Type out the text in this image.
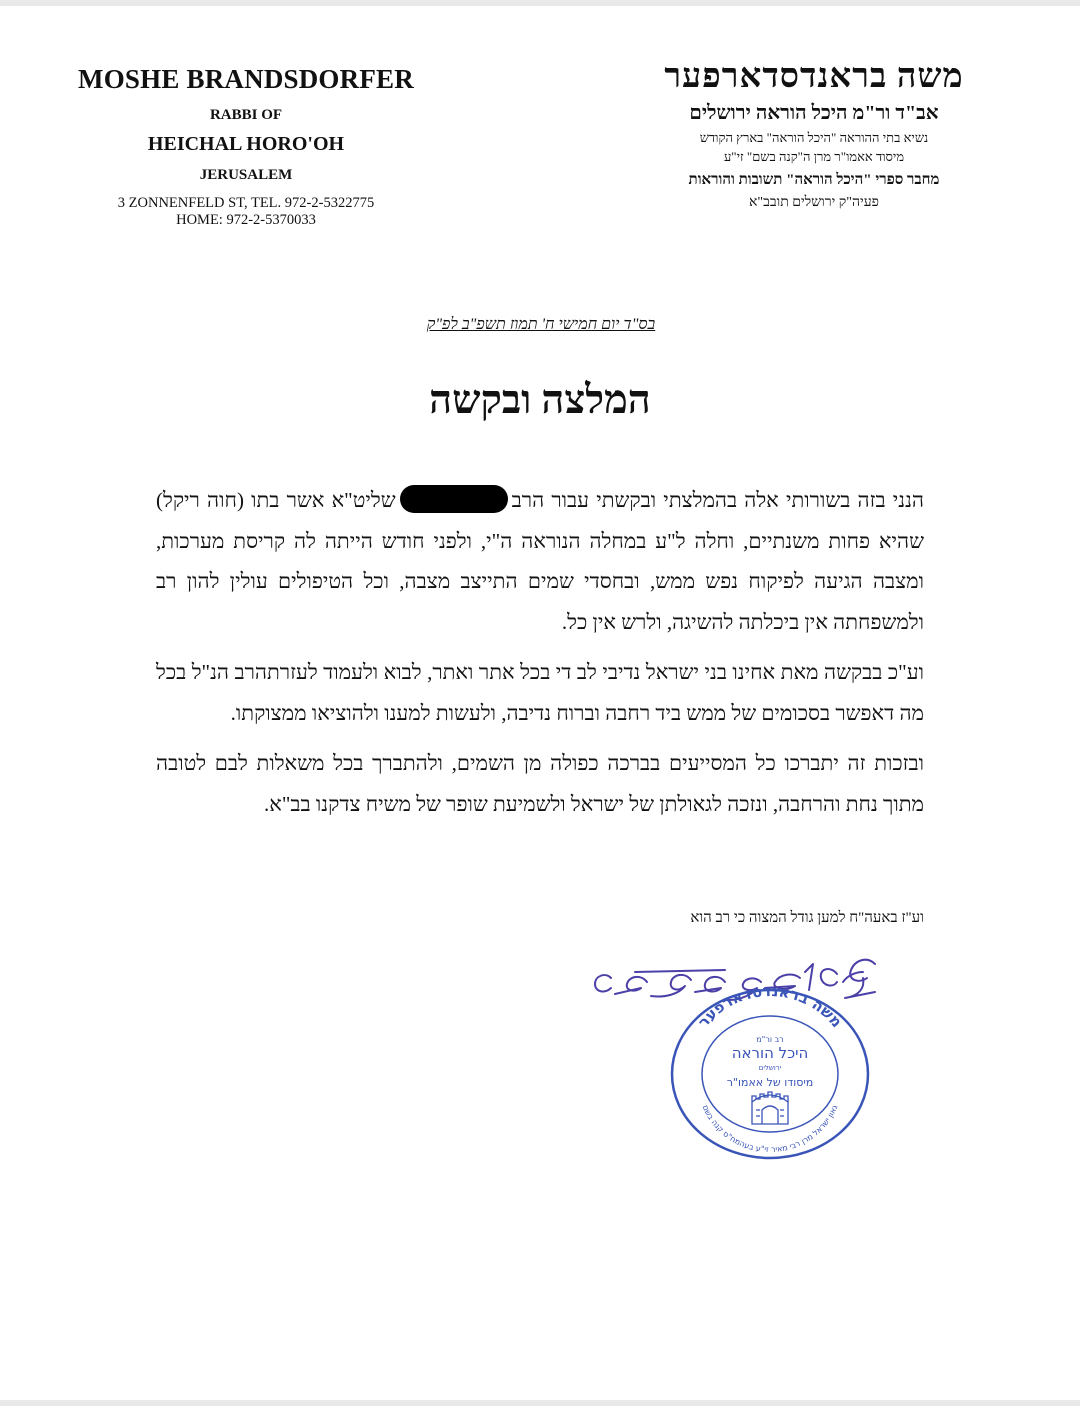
MOSHE BRANDSDORFER
RABBI OF
HEICHAL HORO'OH
JERUSALEM
3 ZONNENFELD ST, TEL. 972-2-5322775
HOME: 972-2-5370033
משה בראנדסדארפער
אב"ד ור"מ היכל הוראה ירושלים
נשיא בתי ההוראה "היכל הוראה" בארץ הקודש
מיסוד אאמו"ר מרן ה"קנה בשם" זי"ע
מחבר ספרי "היכל הוראה" תשובות והוראות
פעיה"ק ירושלים תובב"א
בס"ד יום חמישי ח' תמוז תשפ"ב לפ"ק
המלצה ובקשה

הנני בזה בשורותי אלה בהמלצתי ובקשתי עבור הרבשליט"א אשר בתו (חוה ריקל) שהיא פחות משנתיים, וחלה ל"ע במחלה הנוראה ה"י, ולפני חודש הייתה לה קריסת מערכות, ומצבה הגיעה לפיקוח נפש ממש, ובחסדי שמים התייצב מצבה, וכל הטיפולים עולין להון רב ולמשפחתה אין ביכלתה להשיגה, ולרש אין כל.

וע"כ בבקשה מאת אחינו בני ישראל נדיבי לב די בכל אתר ואתר, לבוא ולעמוד לעזרתהרב הנ"ל בכל מה דאפשר בסכומים של ממש ביד רחבה וברוח נדיבה, ולעשות למענו ולהוציאו ממצוקתו.

ובזכות זה יתברכו כל המסייעים בברכה כפולה מן השמים, ולהתברך בכל משאלות לבם לטובה מתוך נחת והרחבה, ונזכה לגאולתן של ישראל ולשמיעת שופר של משיח צדקנו בב"א.

וע"ז באעה"ח למען גודל המצוה כי רב הוא
משה בראנדסדארפער
גאון ישראל מרן רבי מאיר זי"ע בעהמח"ס קנה בשם
רב ור"מ
היכל הוראה
ירושלים
מיסודו של אאמו"ר
